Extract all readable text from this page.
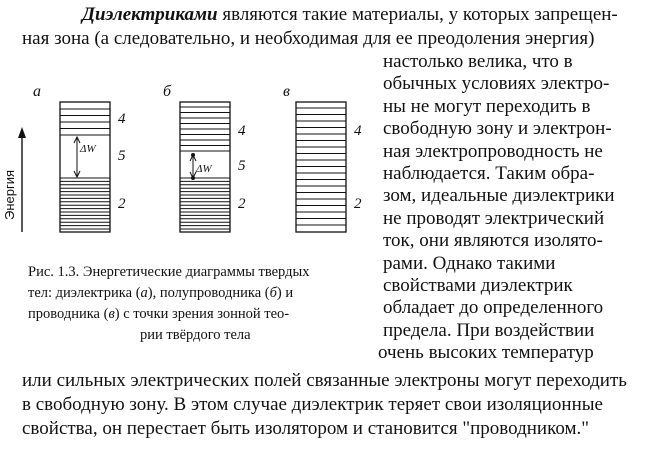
Диэлектриками являются такие материалы, у которых запрещен-
ная зона (а следовательно, и необходимая для ее преодоления энергия)
настолько велика, что в
обычных условиях электро-
ны не могут переходить в
свободную зону и электрон-
ная электропроводность не
наблюдается. Таким обра-
зом, идеальные диэлектрики
не проводят электрический
ток, они являются изолято-
рами. Однако такими
свойствами диэлектрик
обладает до определенного
предела. При воздействии
очень высоких температур
а
ΔW
4
5
2
Энергия
б
ΔW
4
5
2
в
4
2
Рис. 1.3. Энергетические диаграммы твердых
тел: диэлектрика (а), полупроводника (б) и
проводника (в) с точки зрения зонной тео-
рии твёрдого тела
или сильных электрических полей связанные электроны могут переходить
в свободную зону. В этом случае диэлектрик теряет свои изоляционные
свойства, он перестает быть изолятором и становится "проводником."
